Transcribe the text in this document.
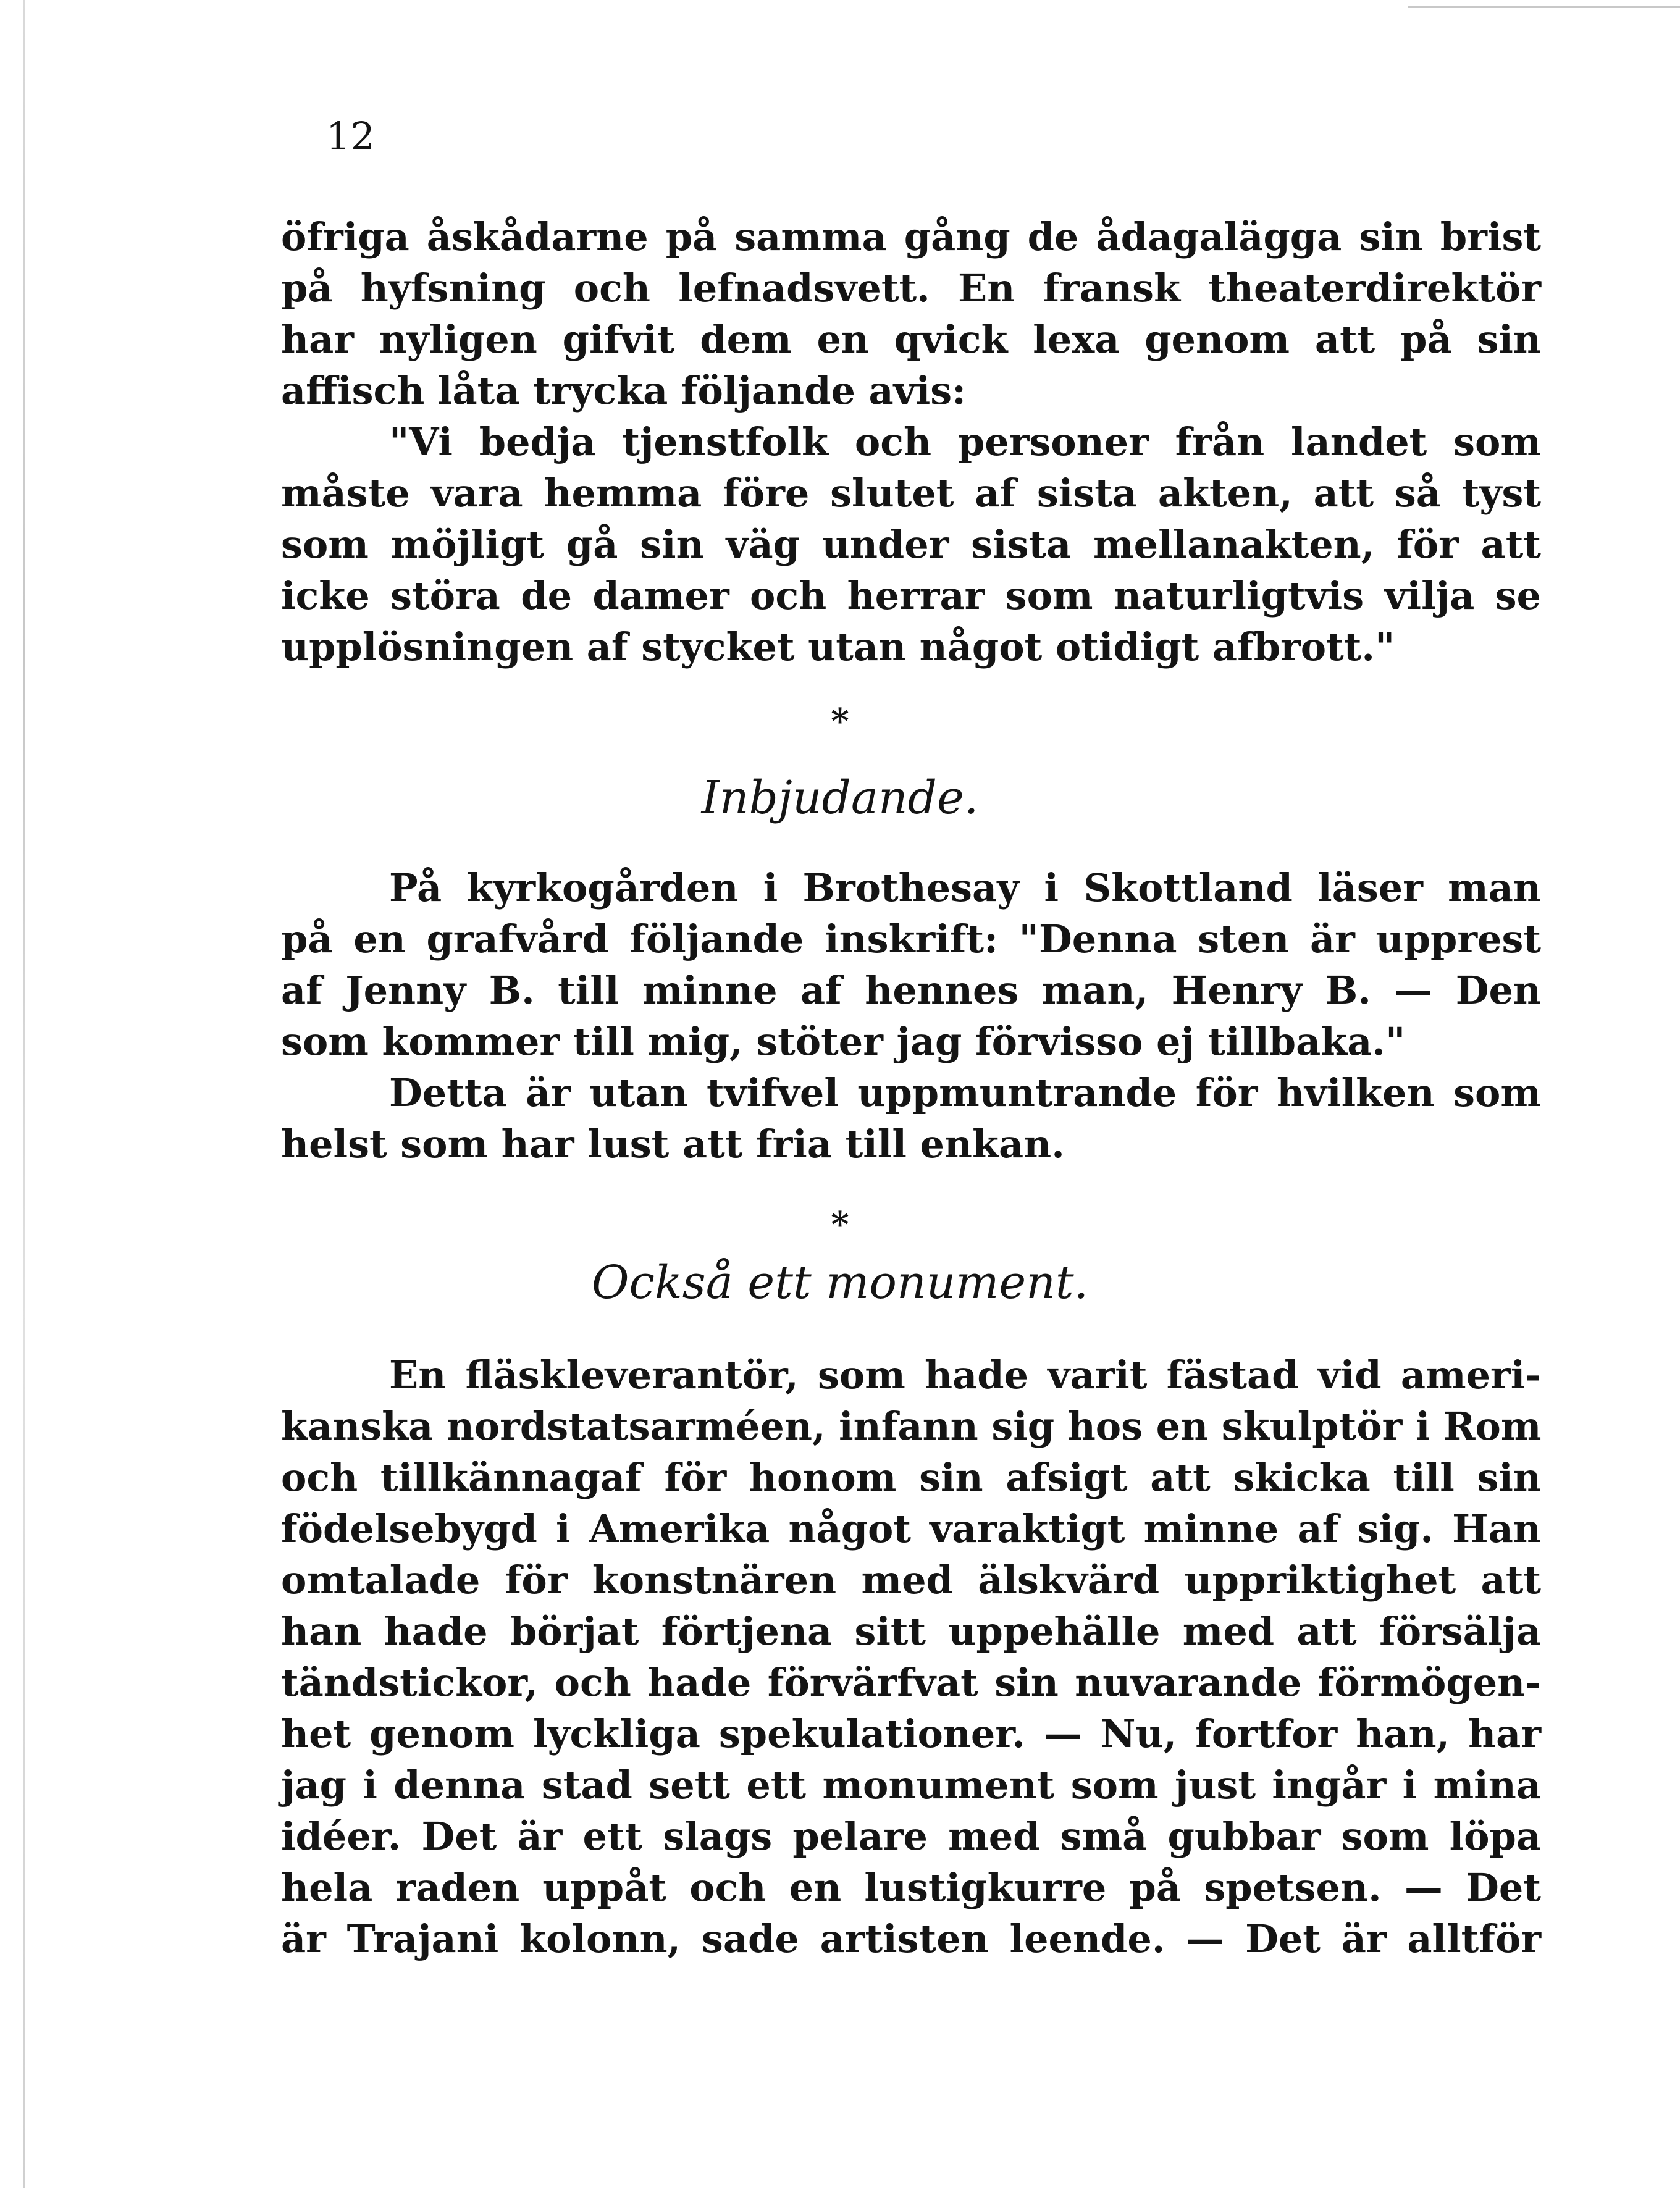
12
öfriga åskådarne på samma gång de ådagalägga sin brist
på hyfsning och lefnadsvett. En fransk theaterdirektör
har nyligen gifvit dem en qvick lexa genom att på sin
affisch låta trycka följande avis:
"Vi bedja tjenstfolk och personer från landet som
måste vara hemma före slutet af sista akten, att så tyst
som möjligt gå sin väg under sista mellanakten, för att
icke störa de damer och herrar som naturligtvis vilja se
upplösningen af stycket utan något otidigt afbrott."
*
Inbjudande.
På kyrkogården i Brothesay i Skottland läser man
på en grafvård följande inskrift: "Denna sten är upprest
af Jenny B. till minne af hennes man, Henry B. — Den
som kommer till mig, stöter jag förvisso ej tillbaka."
Detta är utan tvifvel uppmuntrande för hvilken som
helst som har lust att fria till enkan.
*
Också ett monument.
En fläskleverantör, som hade varit fästad vid ameri-
kanska nordstatsarméen, infann sig hos en skulptör i Rom
och tillkännagaf för honom sin afsigt att skicka till sin
födelsebygd i Amerika något varaktigt minne af sig. Han
omtalade för konstnären med älskvärd uppriktighet att
han hade börjat förtjena sitt uppehälle med att försälja
tändstickor, och hade förvärfvat sin nuvarande förmögen-
het genom lyckliga spekulationer. — Nu, fortfor han, har
jag i denna stad sett ett monument som just ingår i mina
idéer. Det är ett slags pelare med små gubbar som löpa
hela raden uppåt och en lustigkurre på spetsen. — Det
är Trajani kolonn, sade artisten leende. — Det är alltför
